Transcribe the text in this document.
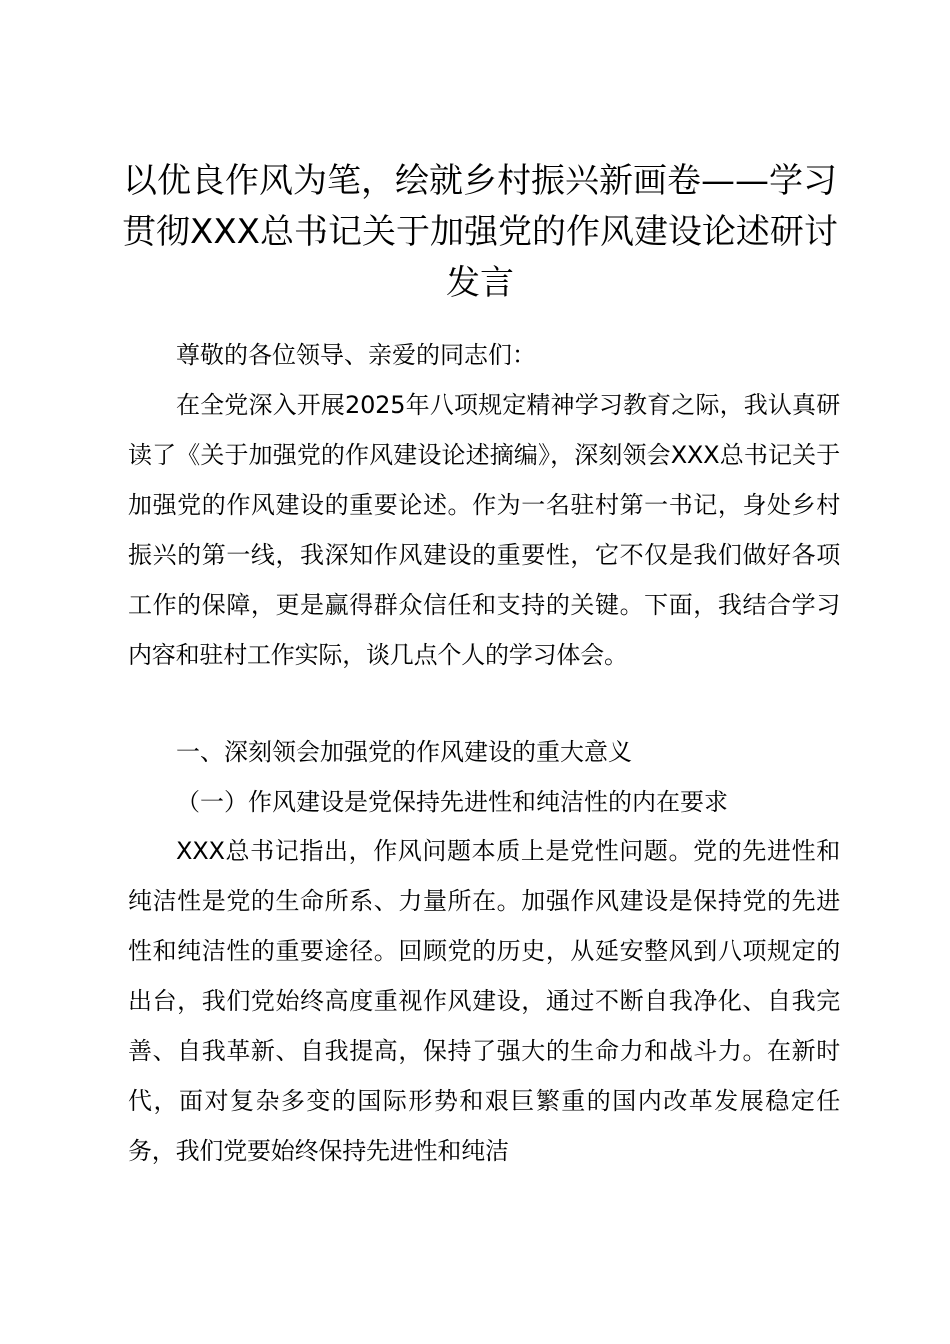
以优良作风为笔，绘就乡村振兴新画卷——学习贯彻XXX总书记关于加强党的作风建设论述研讨发言

尊敬的各位领导、亲爱的同志们：

在全党深入开展2025年八项规定精神学习教育之际，我认真研读了《关于加强党的作风建设论述摘编》，深刻领会XXX总书记关于加强党的作风建设的重要论述。作为一名驻村第一书记，身处乡村振兴的第一线，我深知作风建设的重要性，它不仅是我们做好各项工作的保障，更是赢得群众信任和支持的关键。下面，我结合学习内容和驻村工作实际，谈几点个人的学习体会。

一、深刻领会加强党的作风建设的重大意义

（一）作风建设是党保持先进性和纯洁性的内在要求

XXX总书记指出，作风问题本质上是党性问题。党的先进性和纯洁性是党的生命所系、力量所在。加强作风建设是保持党的先进性和纯洁性的重要途径。回顾党的历史，从延安整风到八项规定的出台，我们党始终高度重视作风建设，通过不断自我净化、自我完善、自我革新、自我提高，保持了强大的生命力和战斗力。在新时代，面对复杂多变的国际形势和艰巨繁重的国内改革发展稳定任务，我们党要始终保持先进性和纯洁
